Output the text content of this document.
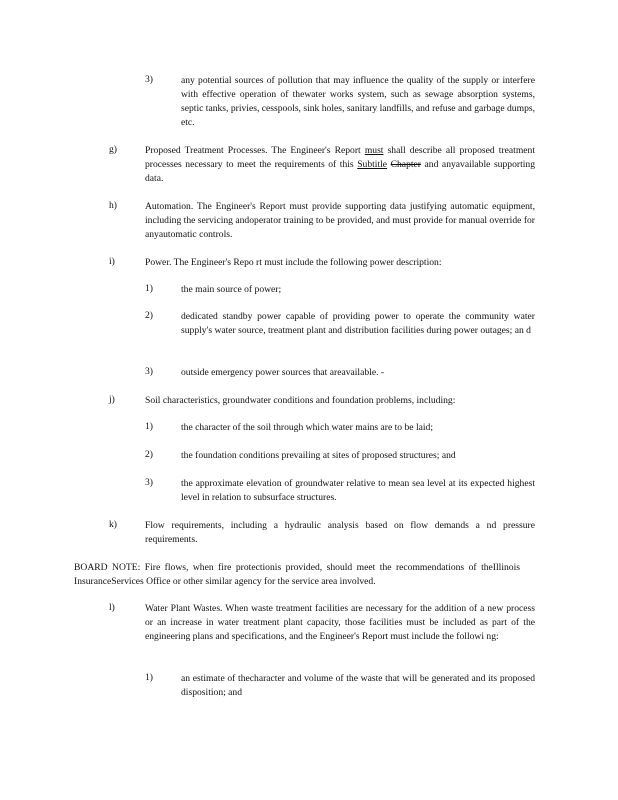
3)	any potential sources of pollution that may influence the quality of the supply or interfere with effective operation of thewater works system, such as sewage absorption systems, septic tanks, privies, cesspools, sink holes, sanitary landfills, and refuse and garbage dumps, etc.
g)	Proposed Treatment Processes. The Engineer's Report must shall describe all proposed treatment processes necessary to meet the requirements of this Subtitle Chapter and anyavailable supporting data.
h)	Automation. The Engineer's Report must provide supporting data justifying automatic equipment, including the servicing andoperator training to be provided, and must provide for manual override for anyautomatic controls.
i)	Power. The Engineer's Repo rt must include the following power description:
1)	the main source of power;
2)	dedicated standby power capable of providing power to operate the community water supply's water source, treatment plant and distribution facilities during power outages; an d
3)	outside emergency power sources that areavailable. -
j)	Soil characteristics, groundwater conditions and foundation problems, including:
1)	the character of the soil through which water mains are to be laid;
2)	the foundation conditions prevailing at sites of proposed structures; and
3)	the approximate elevation of groundwater relative to mean sea level at its expected highest level in relation to subsurface structures.
k)	Flow requirements, including a hydraulic analysis based on flow demands a nd pressure requirements.
BOARD NOTE: Fire flows, when fire protectionis provided, should meet the recommendations of theIllinois InsuranceServices Office or other similar agency for the service area involved.
l)	Water Plant Wastes. When waste treatment facilities are necessary for the addition of a new process or an increase in water treatment plant capacity, those facilities must be included as part of the engineering plans and specifications, and the Engineer's Report must include the followi ng:
1)	an estimate of thecharacter and volume of the waste that will be generated and its proposed disposition; and
